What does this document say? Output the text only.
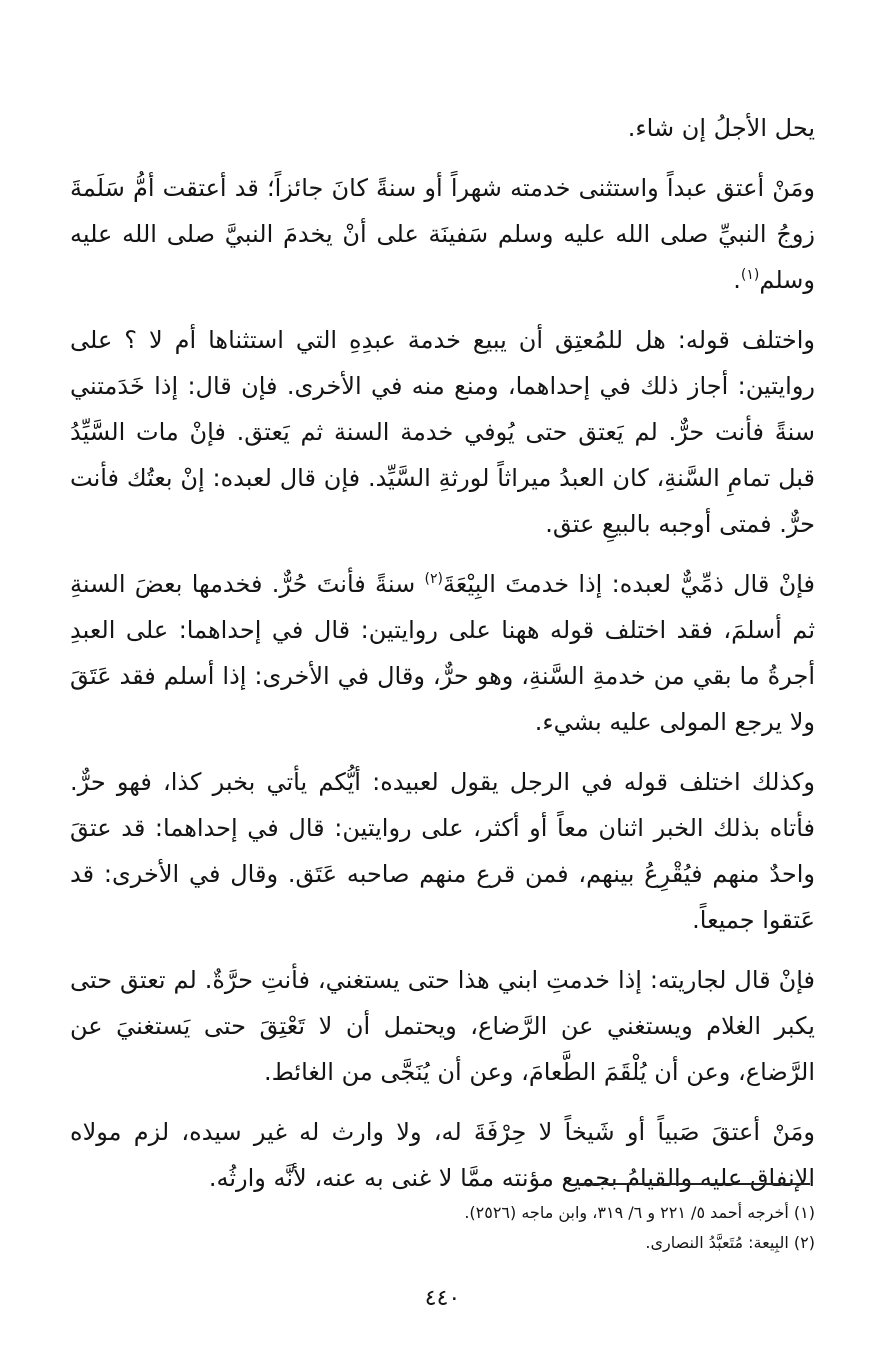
يحل الأجلُ إن شاء.

ومَنْ أعتق عبداً واستثنى خدمته شهراً أو سنةً كانَ جائزاً؛ قد أعتقت أمُّ سَلَمةَ زوجُ النبيِّ صلى الله عليه وسلم سَفينَة على أنْ يخدمَ النبيَّ صلى الله عليه وسلم$^{(١)}$.

واختلف قوله: هل للمُعتِق أن يبيع خدمة عبدِهِ التي استثناها أم لا ؟ على روايتين: أجاز ذلك في إحداهما، ومنع منه في الأخرى. فإن قال: إذا خَدَمتني سنةً فأنت حرٌّ. لم يَعتق حتى يُوفي خدمة السنة ثم يَعتق. فإنْ مات السَّيِّدُ قبل تمامِ السَّنةِ، كان العبدُ ميراثاً لورثةِ السَّيِّد. فإن قال لعبده: إنْ بعتُك فأنت حرٌّ. فمتى أوجبه بالبيعِ عتق.

فإنْ قال ذمِّيٌّ لعبده: إذا خدمتَ البِيْعَةَ$^{(٢)}$ سنةً فأنتَ حُرٌّ. فخدمها بعضَ السنةِ ثم أسلمَ، فقد اختلف قوله ههنا على روايتين: قال في إحداهما: على العبدِ أجرةُ ما بقي من خدمةِ السَّنةِ، وهو حرٌّ، وقال في الأخرى: إذا أسلم فقد عَتَقَ ولا يرجع المولى عليه بشيء.

وكذلك اختلف قوله في الرجل يقول لعبيده: أيُّكم يأتي بخبر كذا، فهو حرٌّ. فأتاه بذلك الخبر اثنان معاً أو أكثر، على روايتين: قال في إحداهما: قد عتقَ واحدٌ منهم فيُقْرِعُ بينهم، فمن قرع منهم صاحبه عَتَق. وقال في الأخرى: قد عَتقوا جميعاً.

فإنْ قال لجاريته: إذا خدمتِ ابني هذا حتى يستغني، فأنتِ حرَّةٌ. لم تعتق حتى يكبر الغلام ويستغني عن الرَّضاع، ويحتمل أن لا تَعْتِقَ حتى يَستغنيَ عن الرَّضاع، وعن أن يُلْقَمَ الطَّعامَ، وعن أن يُنَجَّى من الغائط.

ومَنْ أعتقَ صَبياً أو شَيخاً لا حِرْفَةَ له، ولا وارث له غير سيده، لزم مولاه الإنفاق عليه والقيامُ بجميع مؤنته ممَّا لا غنى به عنه، لأنَّه وارثُه.

(١) أخرجه أحمد ٥/ ٢٢١ و ٦/ ٣١٩، وابن ماجه (٢٥٢٦).

(٢) البِيعة: مُتَعبَّدُ النصارى.

٤٤٠
